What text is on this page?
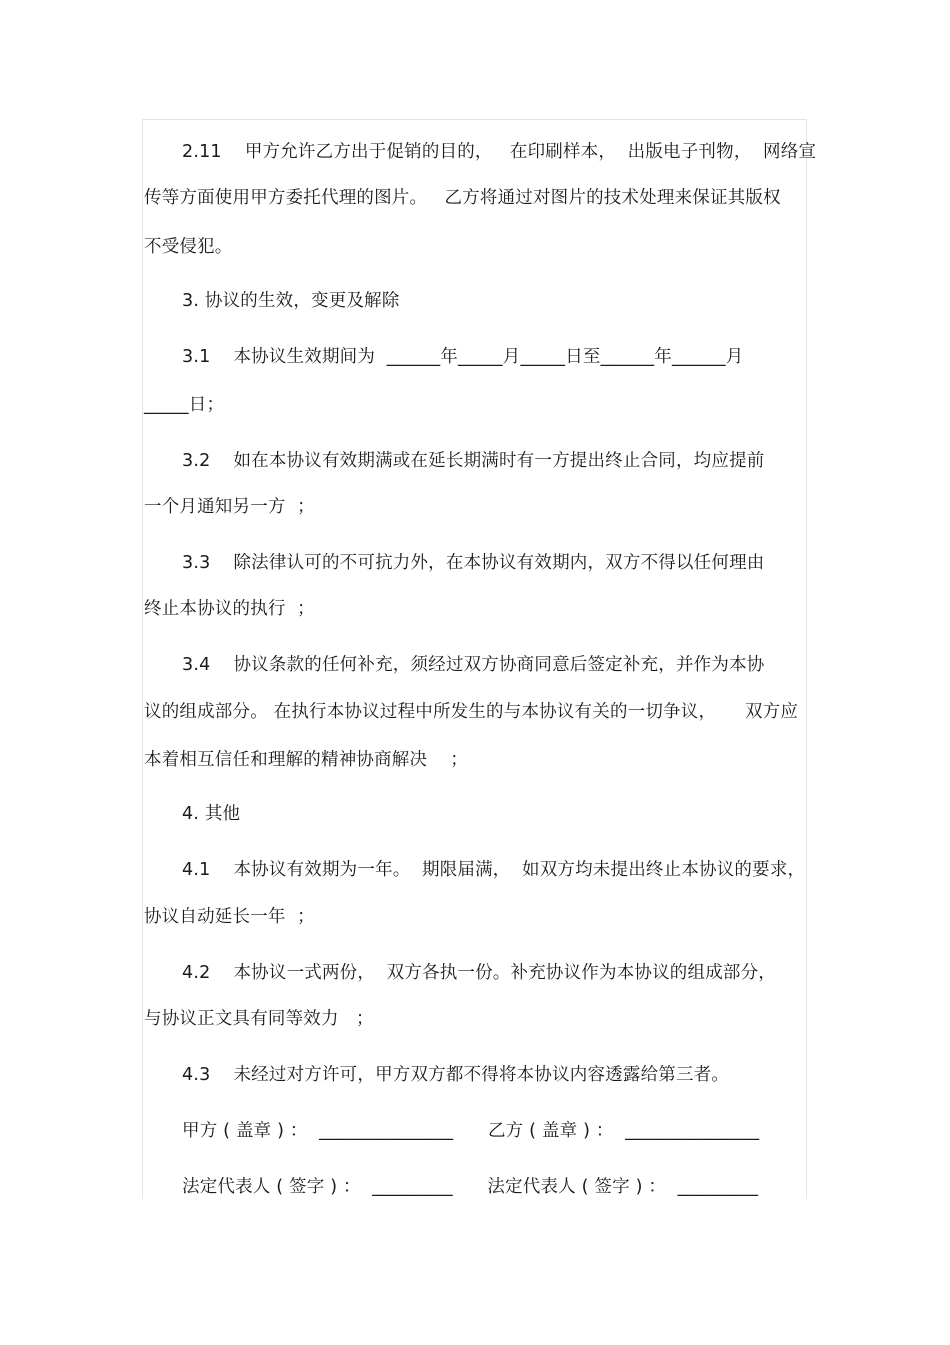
2.11    甲方允许乙方出于促销的目的，   在印刷样本，  出版电子刊物，  网络宣
传等方面使用甲方委托代理的图片。   乙方将通过对图片的技术处理来保证其版权
不受侵犯。
3. 协议的生效，变更及解除
3.1    本协议生效期间为  ______年_____月_____日至______年______月
_____日；
3.2    如在本协议有效期满或在延长期满时有一方提出终止合同，均应提前
一个月通知另一方  ；
3.3    除法律认可的不可抗力外，在本协议有效期内，双方不得以任何理由
终止本协议的执行  ；
3.4    协议条款的任何补充，须经过双方协商同意后签定补充，并作为本协
议的组成部分。 在执行本协议过程中所发生的与本协议有关的一切争议，     双方应
本着相互信任和理解的精神协商解决    ；
4. 其他
4.1    本协议有效期为一年。  期限届满，  如双方均未提出终止本协议的要求，
协议自动延长一年  ；
4.2    本协议一式两份，  双方各执一份。补充协议作为本协议的组成部分，
与协议正文具有同等效力   ；
4.3    未经过对方许可，甲方双方都不得将本协议内容透露给第三者。
甲方 ( 盖章 ) ：  _______________      乙方 ( 盖章 ) ：  _______________
法定代表人 ( 签字 ) ：  _________      法定代表人 ( 签字 ) ：  _________
